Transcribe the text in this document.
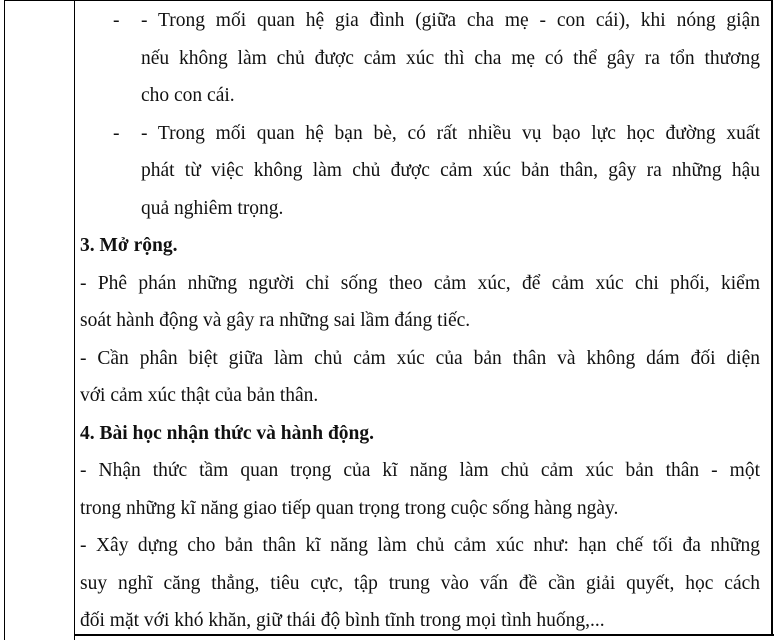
- - Trong mối quan hệ gia đình (giữa cha mẹ - con cái), khi nóng giận
nếu không làm chủ được cảm xúc thì cha mẹ có thể gây ra tổn thương
cho con cái.
- - Trong mối quan hệ bạn bè, có rất nhiều vụ bạo lực học đường xuất
phát từ việc không làm chủ được cảm xúc bản thân, gây ra những hậu
quả nghiêm trọng.
3. Mở rộng.
- Phê phán những người chỉ sống theo cảm xúc, để cảm xúc chi phối, kiểm
soát hành động và gây ra những sai lầm đáng tiếc.
- Cần phân biệt giữa làm chủ cảm xúc của bản thân và không dám đối diện
với cảm xúc thật của bản thân.
4. Bài học nhận thức và hành động.
- Nhận thức tầm quan trọng của kĩ năng làm chủ cảm xúc bản thân - một
trong những kĩ năng giao tiếp quan trọng trong cuộc sống hàng ngày.
- Xây dựng cho bản thân kĩ năng làm chủ cảm xúc như: hạn chế tối đa những
suy nghĩ căng thẳng, tiêu cực, tập trung vào vấn đề cần giải quyết, học cách
đối mặt với khó khăn, giữ thái độ bình tĩnh trong mọi tình huống,...
